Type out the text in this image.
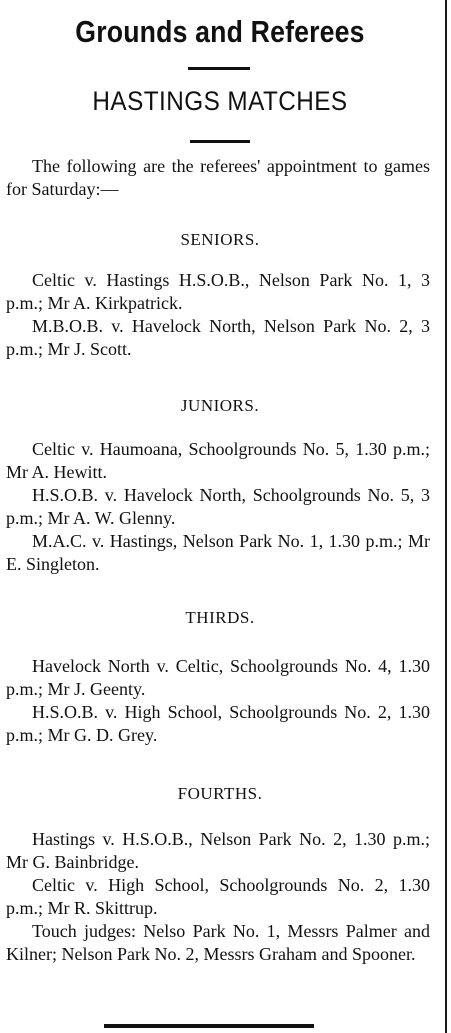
Grounds and Referees
HASTINGS MATCHES

The following are the referees' appointment to games for Saturday:—

SENIORS.

Celtic v. Hastings H.S.O.B., Nelson Park No. 1, 3 p.m.; Mr A. Kirkpatrick.

M.B.O.B. v. Havelock North, Nelson Park No. 2, 3 p.m.; Mr J. Scott.

JUNIORS.

Celtic v. Haumoana, Schoolgrounds No. 5, 1.30 p.m.; Mr A. Hewitt.

H.S.O.B. v. Havelock North, Schoolgrounds No. 5, 3 p.m.; Mr A. W. Glenny.

M.A.C. v. Hastings, Nelson Park No. 1, 1.30 p.m.; Mr E. Singleton.

THIRDS.

Havelock North v. Celtic, Schoolgrounds No. 4, 1.30 p.m.; Mr J. Geenty.

H.S.O.B. v. High School, Schoolgrounds No. 2, 1.30 p.m.; Mr G. D. Grey.

FOURTHS.

Hastings v. H.S.O.B., Nelson Park No. 2, 1.30 p.m.; Mr G. Bainbridge.

Celtic v. High School, Schoolgrounds No. 2, 1.30 p.m.; Mr R. Skittrup.

Touch judges: Nelso Park No. 1, Messrs Palmer and Kilner; Nelson Park No. 2, Messrs Graham and Spooner.
